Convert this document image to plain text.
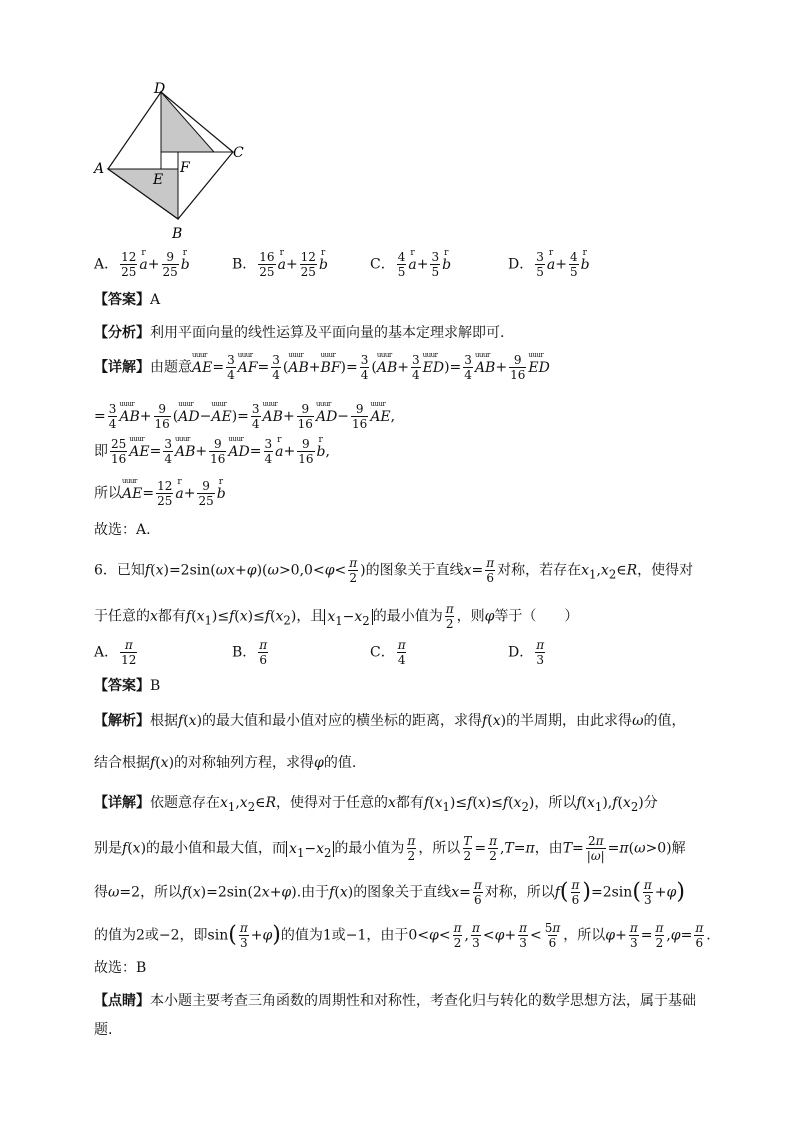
D
A
C
B
E
F
A． $\frac{12}{25}$ r $a+ \frac{9}{25}$ r b	B． $\frac{16}{25}$ r $a+ \frac{12}{25}$ r b	C． $\frac{4}{5}$ r $a+ \frac{3}{5}$ r b	D． $\frac{3}{5}$ r $a+ \frac{4}{5}$ r b
【答案】A
【分析】利用平面向量的线性运算及平面向量的基本定理求解即可.
【详解】由题意uuur $AE= \frac{3}{4}$ uuur $AF= \frac{3}{4}$ (uuur AB+uuur $BF)= \frac{3}{4}$ (uuur $AB+ \frac{3}{4}$ uuur $ED)= \frac{3}{4}$ uuur $AB+ \frac{9}{16}$ uuur ED
= $\frac{3}{4}$ uuur $AB+ \frac{9}{16}$ (uuur AD−uuur $AE)= \frac{3}{4}$ uuur $AB+ \frac{9}{16}$ uuur $AD- \frac{9}{16}$ uuur AE,
即 $\frac{25}{16}$ uuur $AE= \frac{3}{4}$ uuur $AB+ \frac{9}{16}$ uuur $AD= \frac{3}{4}$ r $a+ \frac{9}{16}$ r b,
所以uuur $AE= \frac{12}{25}$ r $a+ \frac{9}{25}$ r b
故选：A.
6．已知$f(x)=2\sin(\omega x+\varphi)(\omega>0,0<\varphi< \frac{\pi}{2}$ )的图象关于直线$x= \frac{\pi}{6}$ 对称，若存在$x_1,x_2\in R$，使得对
于任意的x都有$f(x_1)\le f(x)\le f(x_2)$，且 $x_1-x_2$ 的最小值为 $\frac{\pi}{2}$ ，则φ等于（　　）
A． $\frac{\pi}{12}$	B． $\frac{\pi}{6}$	C． $\frac{\pi}{4}$	D． $\frac{\pi}{3}$
【答案】B
【解析】根据f(x)的最大值和最小值对应的横坐标的距离，求得f(x)的半周期，由此求得ω的值，
结合根据f(x)的对称轴列方程，求得φ的值.
【详解】依题意存在$x_1,x_2\in R$，使得对于任意的x都有$f(x_1)\le f(x)\le f(x_2)$，所以$f(x_1),f(x_2)$分
别是f(x)的最小值和最大值，而 $x_1-x_2$ 的最小值为 $\frac{\pi}{2}$ ，所以 $\frac{T}{2} = \frac{\pi}{2} ,T=\pi$，由$T= \frac{2\pi}{|\omega|} =\pi(\omega>0)$解
得ω=2，所以f(x)=2sin(2x+φ).由于f(x)的图象关于直线$x= \frac{\pi}{6}$ 对称，所以$f( \frac{\pi}{6} )=2\sin( \frac{\pi}{3} +\varphi)$
的值为2或−2，即$\sin( \frac{\pi}{3} +\varphi)$的值为1或−1，由于$0<\varphi< \frac{\pi}{2}$ , $\frac{\pi}{3} <\varphi+ \frac{\pi}{3} < \frac{5\pi}{6}$ ，所以$\varphi+ \frac{\pi}{3} = \frac{\pi}{2} ,\varphi= \frac{\pi}{6}$ .
故选：B
【点睛】本小题主要考查三角函数的周期性和对称性，考查化归与转化的数学思想方法，属于基础
题.
